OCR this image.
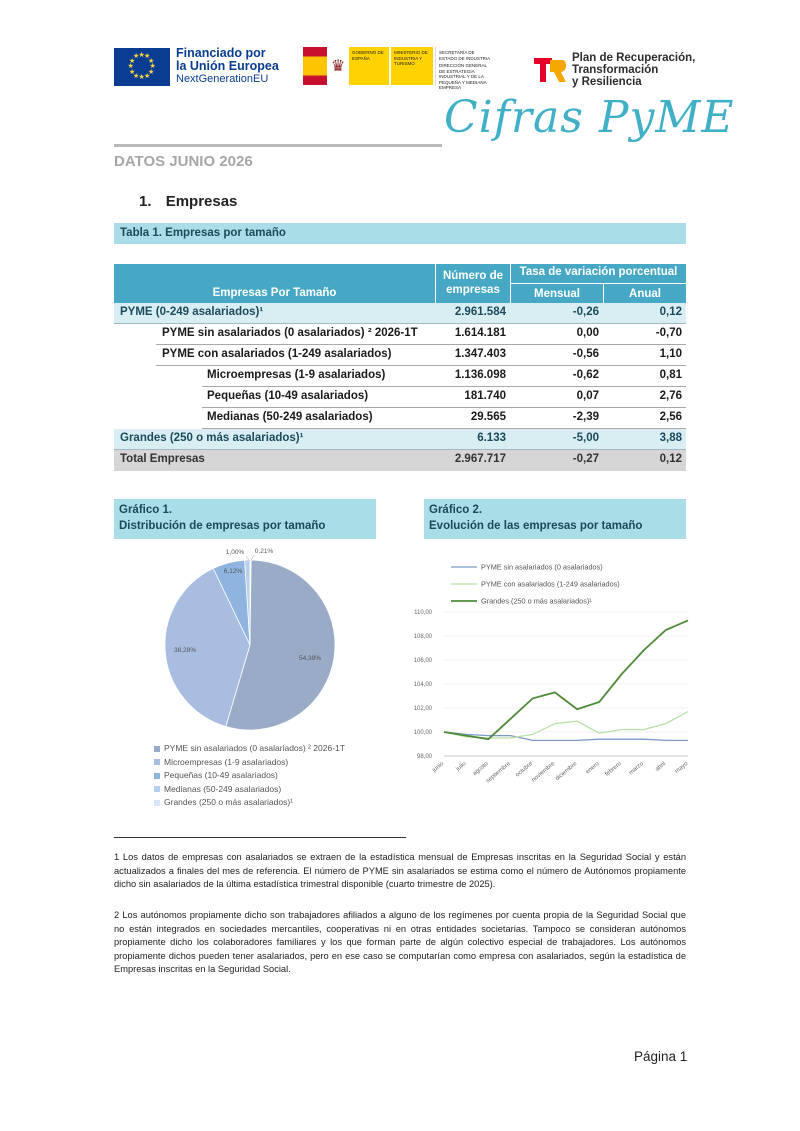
★
★
★
★
★
★
★
★
★ ★ ★
★
Financiado por
la Unión Europea
NextGenerationEU
♛
GOBIERNO DE ESPAÑA
MINISTERIO DE INDUSTRIA Y TURISMO
SECRETARÍA DE ESTADO DE INDUSTRIA
DIRECCIÓN GENERAL DE ESTRATEGIA INDUSTRIAL Y DE LA PEQUEÑA Y MEDIANA EMPRESA
Plan de Recuperación,
Transformación
y Resiliencia
Cifras PyME
DATOS JUNIO 2026
1. Empresas
Tabla 1. Empresas por tamaño
Empresas Por Tamaño
Número de
empresas
Tasa de variación porcentual
Mensual	Anual
PYME (0-249 asalariados)¹	2.961.584	-0,26	0,12
PYME sin asalariados (0 asalariados) ² 2026-1T	1.614.181	0,00	-0,70
PYME con asalariados (1-249 asalariados)	1.347.403	-0,56	1,10
Microempresas (1-9 asalariados)	1.136.098	-0,62	0,81
Pequeñas (10-49 asalariados)	181.740	0,07	2,76
Medianas (50-249 asalariados)	29.565	-2,39	2,56
Grandes (250 o más asalariados)¹	6.133	-5,00	3,88
Total Empresas	2.967.717	-0,27	0,12
Gráfico 1.
Distribución de empresas por tamaño
Gráfico 2.
Evolución de las empresas por tamaño
54,39%
38,28%
6,12%
1,00% 0,21%
PYME sin asalariados (0 asalariados) ² 2026-1T
Microempresas (1-9 asalariados)
Pequeñas (10-49 asalariados)
Medianas (50-249 asalariados)
Grandes (250 o más asalariados)¹
98,00
100,00
102,00
104,00
106,00
108,00
110,00
junio julio agosto
septiembre octubre
noviembre
diciembre enero febrero marzo abril mayo
PYME sin asalariados (0 asalariados)
PYME con asalariados (1-249 asalariados)
Grandes (250 o más asalariados)¹
1 Los datos de empresas con asalariados se extraen de la estadística mensual de Empresas inscritas en la Seguridad Social y están actualizados a finales del mes de referencia. El número de PYME sin asalariados se estima como el número de Autónomos propiamente dicho sin asalariados de la última estadística trimestral disponible (cuarto trimestre de 2025).
2 Los autónomos propiamente dicho son trabajadores afiliados a alguno de los regímenes por cuenta propia de la Seguridad Social que no están integrados en sociedades mercantiles, cooperativas ni en otras entidades societarias. Tampoco se consideran autónomos propiamente dicho los colaboradores familiares y los que forman parte de algún colectivo especial de trabajadores. Los autónomos propiamente dichos pueden tener asalariados, pero en ese caso se computarían como empresa con asalariados, según la estadística de Empresas inscritas en la Seguridad Social.
Página 1
